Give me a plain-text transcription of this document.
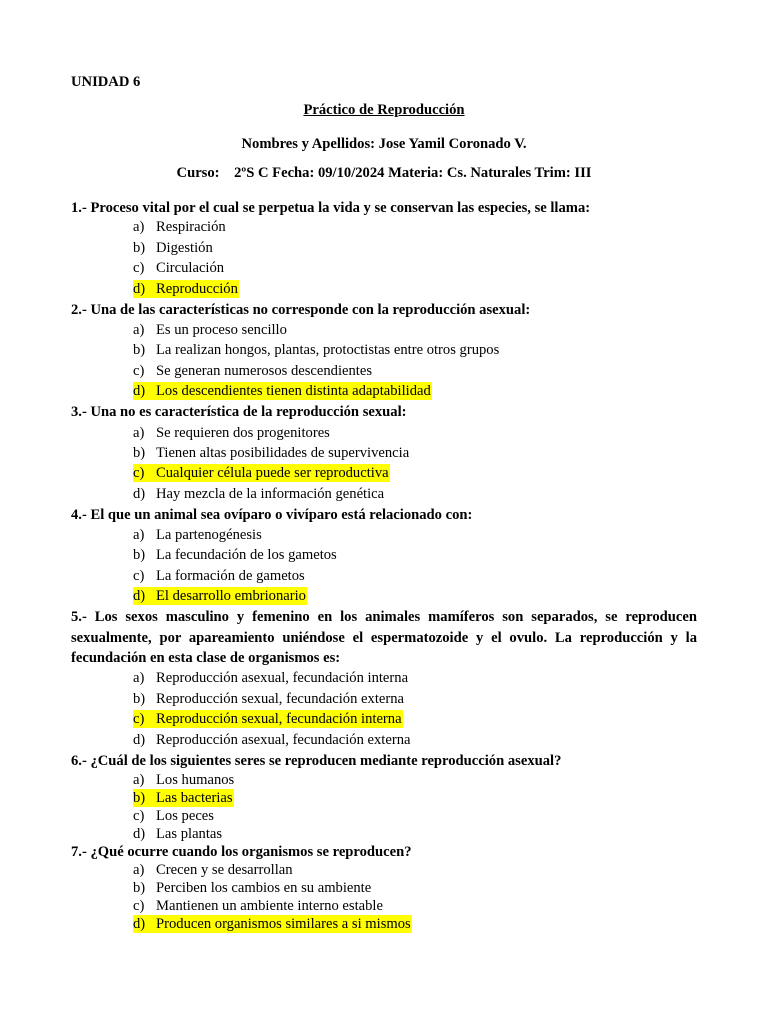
UNIDAD 6
Práctico de Reproducción
Nombres y Apellidos: Jose Yamil Coronado V.
Curso:    2ºS C Fecha: 09/10/2024 Materia: Cs. Naturales Trim: III
1.- Proceso vital por el cual se perpetua la vida y se conservan las especies, se llama:
a) Respiración
b) Digestión
c) Circulación
d) Reproducción
2.- Una de las características no corresponde con la reproducción asexual:
a) Es un proceso sencillo
b) La realizan hongos, plantas, protoctistas entre otros grupos
c) Se generan numerosos descendientes
d) Los descendientes tienen distinta adaptabilidad
3.- Una no es característica de la reproducción sexual:
a) Se requieren dos progenitores
b) Tienen altas posibilidades de supervivencia
c) Cualquier célula puede ser reproductiva
d) Hay mezcla de la información genética
4.- El que un animal sea ovíparo o vivíparo está relacionado con:
a) La partenogénesis
b) La fecundación de los gametos
c) La formación de gametos
d) El desarrollo embrionario
5.- Los sexos masculino y femenino en los animales mamíferos son separados, se reproducen sexualmente, por apareamiento uniéndose el espermatozoide y el ovulo. La reproducción y la fecundación en esta clase de organismos es:
a) Reproducción asexual, fecundación interna
b) Reproducción sexual, fecundación externa
c) Reproducción sexual, fecundación interna
d) Reproducción asexual, fecundación externa
6.- ¿Cuál de los siguientes seres se reproducen mediante reproducción asexual?
a) Los humanos
b) Las bacterias
c) Los peces
d) Las plantas
7.- ¿Qué ocurre cuando los organismos se reproducen?
a) Crecen y se desarrollan
b) Perciben los cambios en su ambiente
c) Mantienen un ambiente interno estable
d) Producen organismos similares a si mismos
